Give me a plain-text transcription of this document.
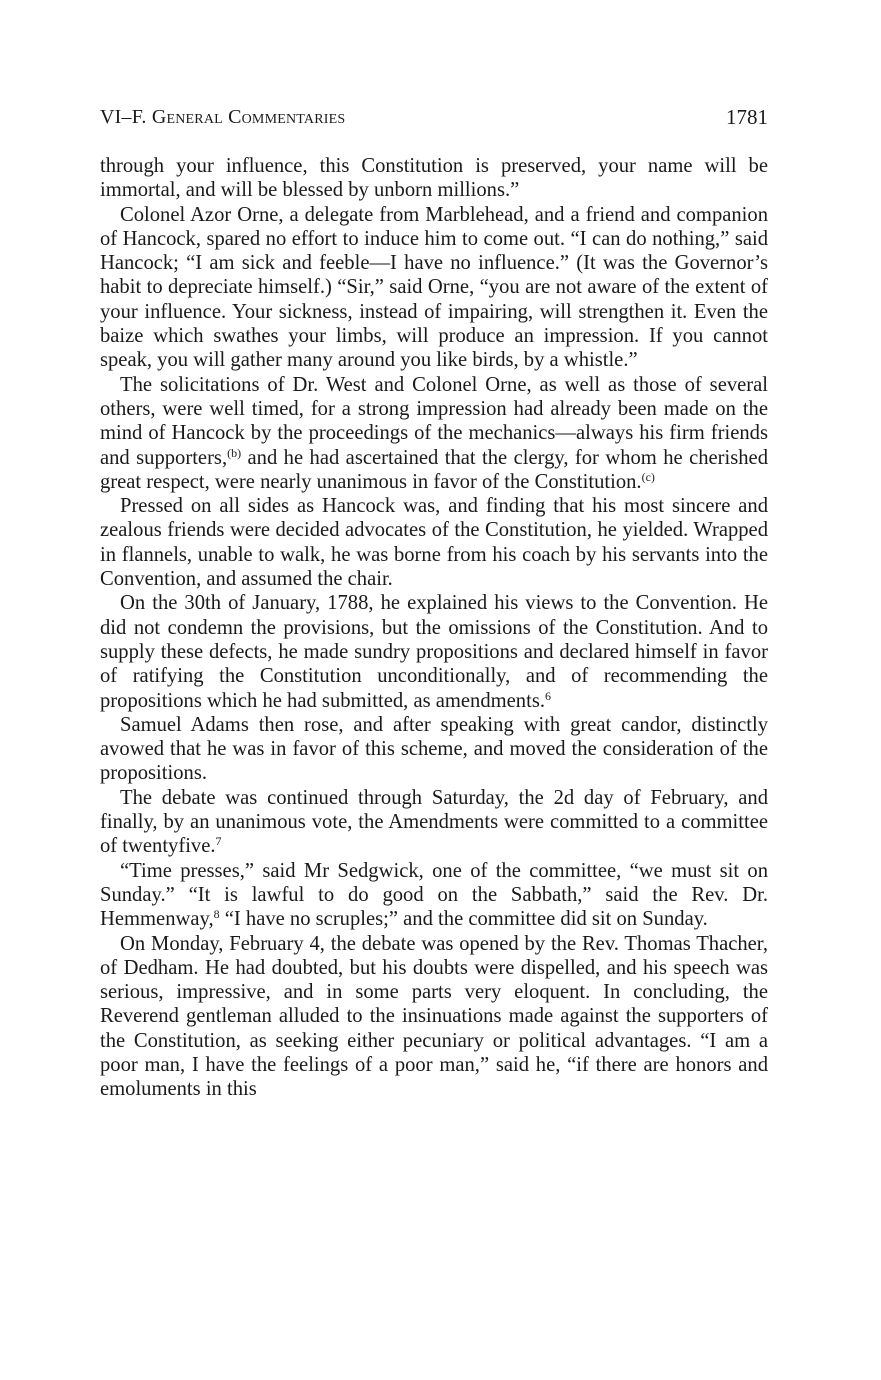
VI–F. General Commentaries	1781

through your influence, this Constitution is preserved, your name will be immortal, and will be blessed by unborn millions.”

Colonel Azor Orne, a delegate from Marblehead, and a friend and companion of Hancock, spared no effort to induce him to come out. “I can do nothing,” said Hancock; “I am sick and feeble—I have no influence.” (It was the Governor’s habit to depreciate himself.) “Sir,” said Orne, “you are not aware of the extent of your influence. Your sickness, instead of impairing, will strengthen it. Even the baize which swathes your limbs, will produce an impression. If you cannot speak, you will gather many around you like birds, by a whistle.”

The solicitations of Dr. West and Colonel Orne, as well as those of several others, were well timed, for a strong impression had already been made on the mind of Hancock by the proceedings of the mechanics—always his firm friends and supporters,$^{(b)}$ and he had ascertained that the clergy, for whom he cherished great respect, were nearly unanimous in favor of the Constitution.$^{(c)}$

Pressed on all sides as Hancock was, and finding that his most sincere and zealous friends were decided advocates of the Constitution, he yielded. Wrapped in flannels, unable to walk, he was borne from his coach by his servants into the Convention, and assumed the chair.

On the 30th of January, 1788, he explained his views to the Convention. He did not condemn the provisions, but the omissions of the Constitution. And to supply these defects, he made sundry propositions and declared himself in favor of ratifying the Constitution unconditionally, and of recommending the propositions which he had submitted, as amendments.$^6$

Samuel Adams then rose, and after speaking with great candor, distinctly avowed that he was in favor of this scheme, and moved the consideration of the propositions.

The debate was continued through Saturday, the 2d day of February, and finally, by an unanimous vote, the Amendments were committed to a committee of twentyfive.$^7$

“Time presses,” said Mr Sedgwick, one of the committee, “we must sit on Sunday.” “It is lawful to do good on the Sabbath,” said the Rev. Dr. Hemmenway,$^8$ “I have no scruples;” and the committee did sit on Sunday.

On Monday, February 4, the debate was opened by the Rev. Thomas Thacher, of Dedham. He had doubted, but his doubts were dispelled, and his speech was serious, impressive, and in some parts very eloquent. In concluding, the Reverend gentleman alluded to the insinuations made against the supporters of the Constitution, as seeking either pecuniary or political advantages. “I am a poor man, I have the feelings of a poor man,” said he, “if there are honors and emoluments in this
